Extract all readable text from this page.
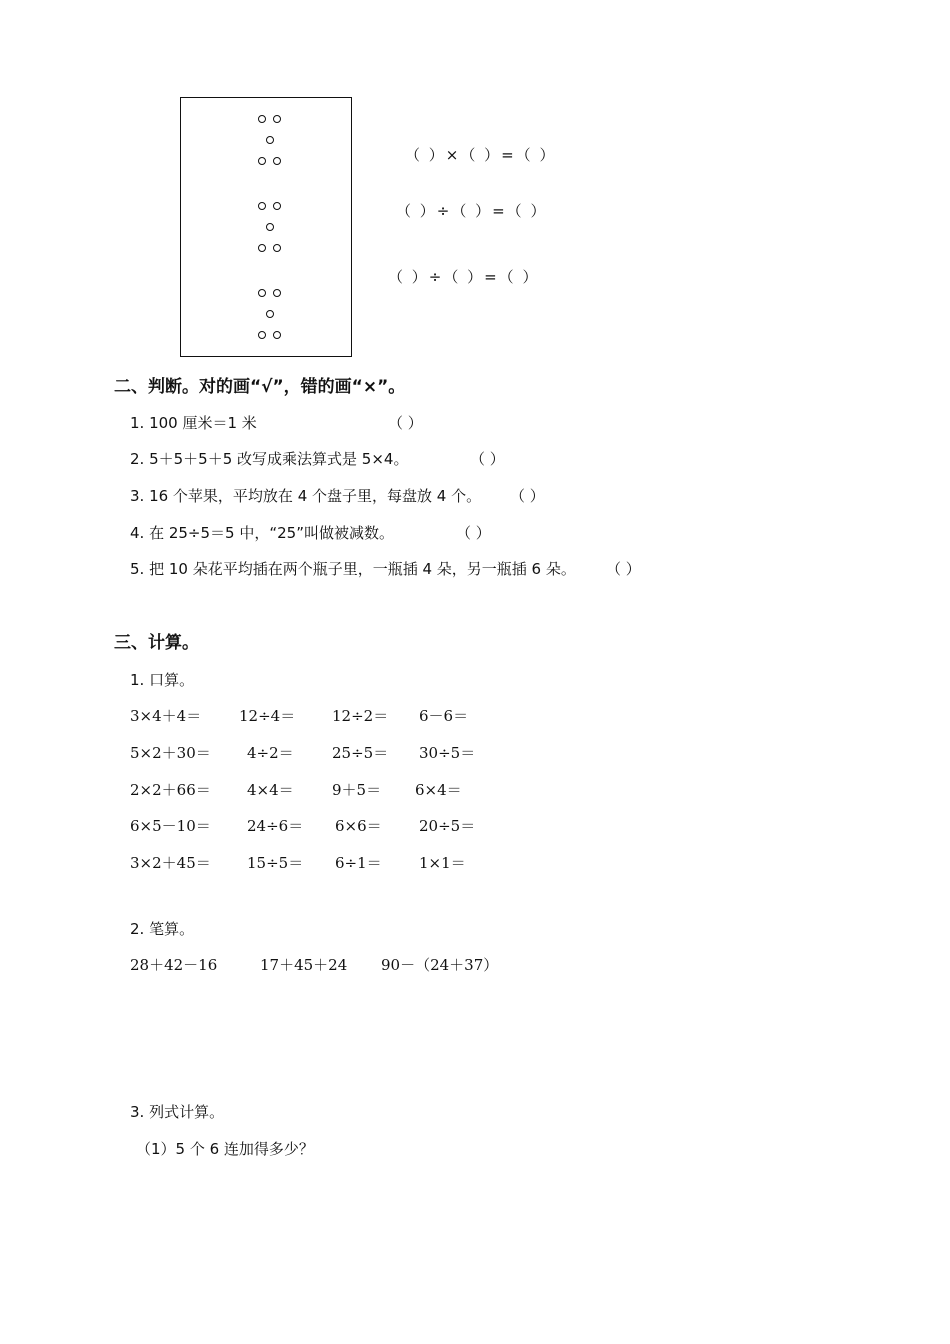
（ ）×（ ）=（ ）
（ ）÷（ ）=（ ）
（ ）÷（ ）=（ ）
二、判断。对的画“√”，错的画“×”。
1. 100 厘米＝1 米	（ ）
2. 5＋5＋5＋5 改写成乘法算式是 5×4。	（ ）
3. 16 个苹果，平均放在 4 个盘子里，每盘放 4 个。 （ ）
4. 在 25÷5＝5 中，“25”叫做被减数。	（ ）
5. 把 10 朵花平均插在两个瓶子里，一瓶插 4 朵，另一瓶插 6 朵。 （ ）
三、计算。
1. 口算。
3×4＋4＝	12÷4＝ 12÷2＝ 6－6＝
5×2＋30＝ 4÷2＝	25÷5＝ 30÷5＝
2×2＋66＝ 4×4＝	9＋5＝ 6×4＝
6×5－10＝ 24÷6＝ 6×6＝ 20÷5＝
3×2＋45＝ 15÷5＝ 6÷1＝ 1×1＝
2. 笔算。
28＋42－16	17＋45＋24 90－（24＋37）
3. 列式计算。
（1）5 个 6 连加得多少？
